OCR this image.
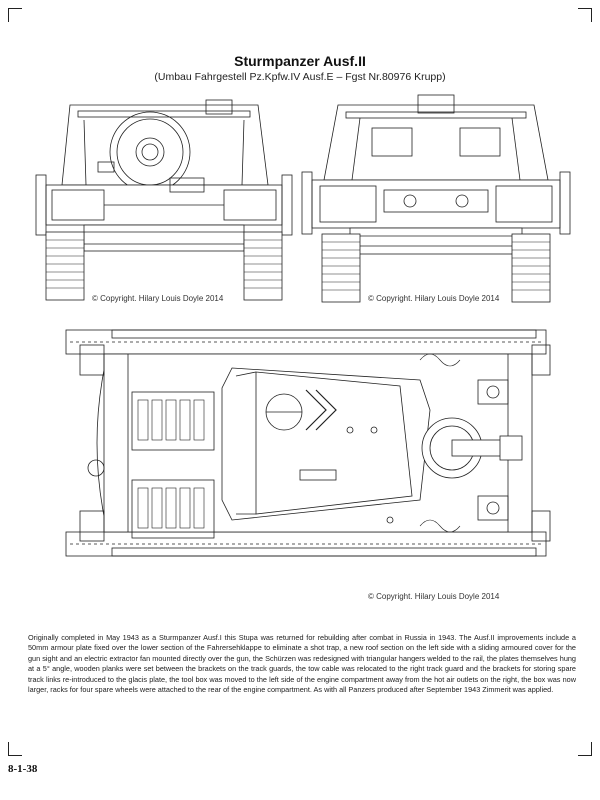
Sturmpanzer Ausf.II
(Umbau Fahrgestell Pz.Kpfw.IV Ausf.E – Fgst Nr.80976 Krupp)
© Copyright. Hilary Louis Doyle 2014	© Copyright. Hilary Louis Doyle 2014
© Copyright. Hilary Louis Doyle 2014
Originally completed in May 1943 as a Sturmpanzer Ausf.I this Stupa was returned for rebuilding after combat in Russia in 1943. The Ausf.II improvements include a 50mm armour plate fixed over the lower section of the Fahrersehklappe to eliminate a shot trap, a new roof section on the left side with a sliding armoured cover for the gun sight and an electric extractor fan mounted directly over the gun, the Schürzen was redesigned with triangular hangers welded to the rail, the plates themselves hung at a 5° angle, wooden planks were set between the brackets on the track guards, the tow cable was relocated to the right track guard and the brackets for storing spare track links re-introduced to the glacis plate, the tool box was moved to the left side of the engine compartment away from the hot air outlets on the right, the box was now larger, racks for four spare wheels were attached to the rear of the engine compartment. As with all Panzers produced after September 1943 Zimmerit was applied.
8-1-38
